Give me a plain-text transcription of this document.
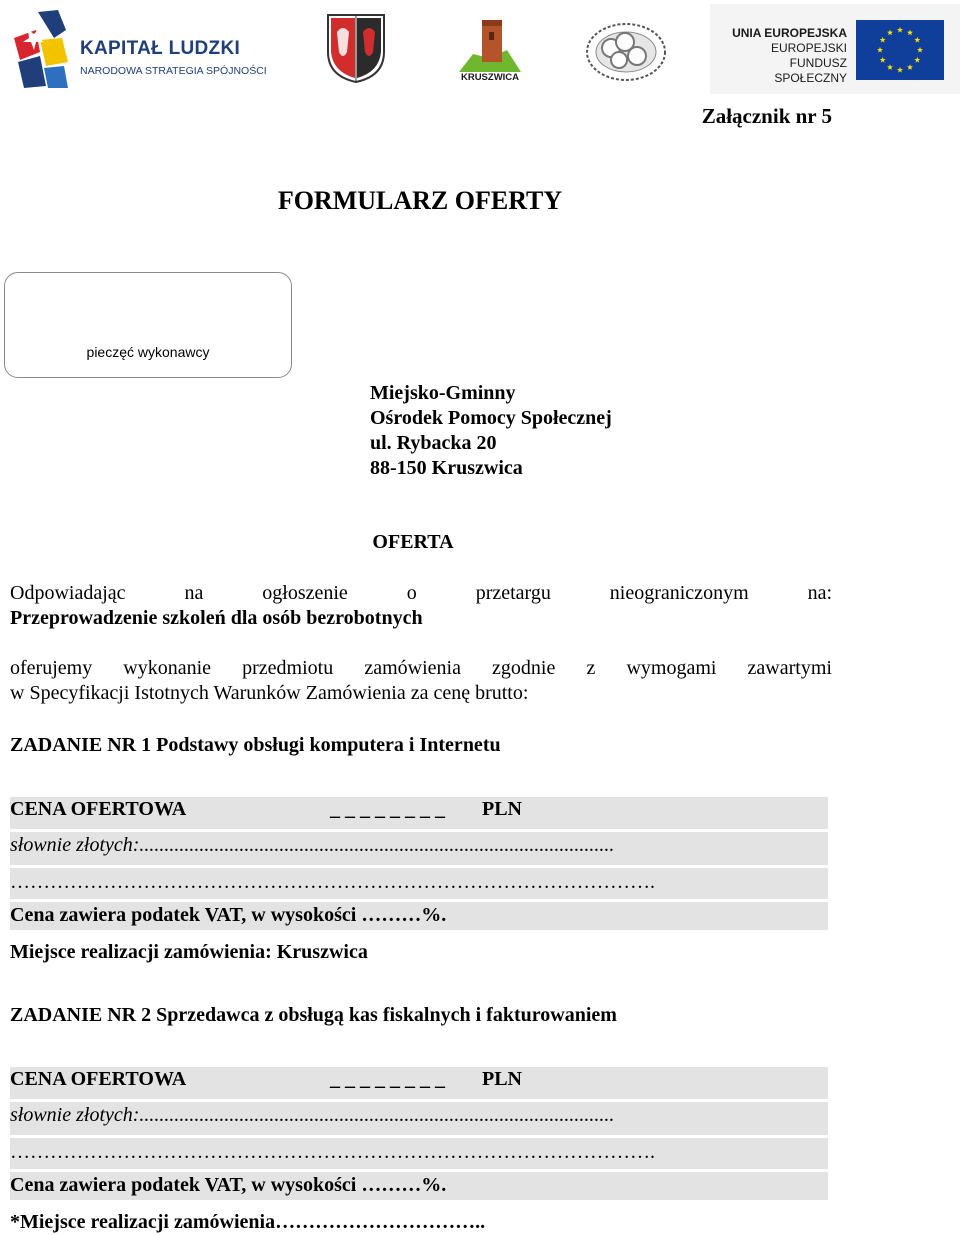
KAPITAŁ LUDZKI
NARODOWA STRATEGIA SPÓJNOŚCI
KRUSZWICA
UNIA EUROPEJSKA
EUROPEJSKI
FUNDUSZ SPOŁECZNY
Załącznik nr 5
FORMULARZ OFERTY
pieczęć wykonawcy
Miejsko-Gminny
Ośrodek Pomocy Społecznej
ul. Rybacka 20
88-150 Kruszwica
OFERTA
Odpowiadając	na	ogłoszenie	o	przetargu	nieograniczonym	na:
Przeprowadzenie szkoleń dla osób bezrobotnych
oferujemy wykonanie przedmiotu zamówienia zgodnie z wymogami zawartymi
w Specyfikacji Istotnych Warunków Zamówienia za cenę brutto:
ZADANIE NR 1 Podstawy obsługi komputera i Internetu
CENA OFERTOWA	_ _ _ _ _ _ _ _ PLN
słownie złotych:...............................................................................................
…………………………………………………………………………………….
Cena zawiera podatek VAT, w wysokości ………%.
Miejsce realizacji zamówienia: Kruszwica
ZADANIE NR 2 Sprzedawca z obsługą kas fiskalnych i fakturowaniem
CENA OFERTOWA	_ _ _ _ _ _ _ _ PLN
słownie złotych:...............................................................................................
…………………………………………………………………………………….
Cena zawiera podatek VAT, w wysokości ………%.
*Miejsce realizacji zamówienia…………………………..
